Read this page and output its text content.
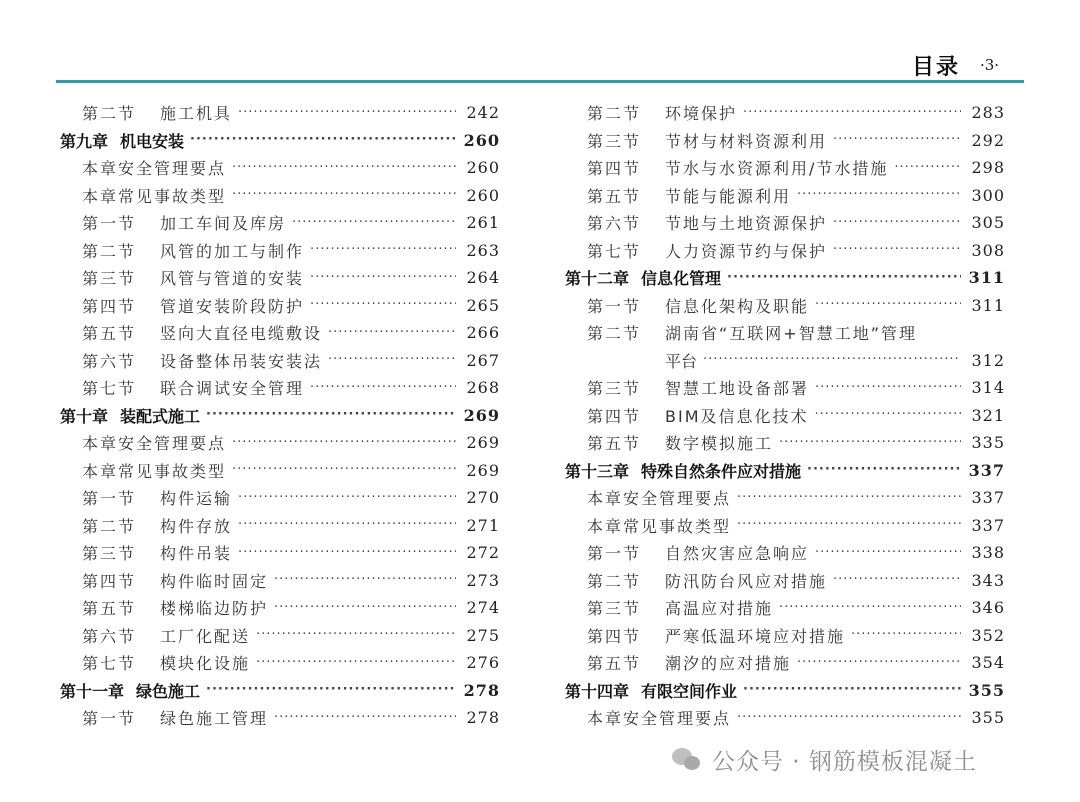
目录 ·3·
第二节	施工机具 ·····	242
第九章 机电安装 ·····	260
本章安全管理要点 ·····	260
本章常见事故类型 ·····	260
第一节	加工车间及库房 ·····	261
第二节	风管的加工与制作 ·····	263
第三节	风管与管道的安装 ·····	264
第四节	管道安装阶段防护 ·····	265
第五节	竖向大直径电缆敷设 ·····	266
第六节	设备整体吊装安装法 ·····	267
第七节	联合调试安全管理 ·····	268
第十章 装配式施工 ·····	269
本章安全管理要点 ·····	269
本章常见事故类型 ·····	269
第一节	构件运输 ·····	270
第二节	构件存放 ·····	271
第三节	构件吊装 ·····	272
第四节	构件临时固定 ·····	273
第五节	楼梯临边防护 ·····	274
第六节	工厂化配送 ·····	275
第七节	模块化设施 ·····	276
第十一章 绿色施工 ·····	278
第一节	绿色施工管理 ·····	278
第二节	环境保护 ·····	283
第三节	节材与材料资源利用 ·····	292
第四节	节水与水资源利用/节水措施 ·····	298
第五节	节能与能源利用 ·····	300
第六节	节地与土地资源保护 ·····	305
第七节	人力资源节约与保护 ·····	308
第十二章 信息化管理 ·····	311
第一节	信息化架构及职能 ·····	311
第二节	湖南省“互联网+智慧工地”管理
平台 ·····	312
第三节	智慧工地设备部署 ·····	314
第四节	BIM及信息化技术 ·····	321
第五节	数字模拟施工 ·····	335
第十三章 特殊自然条件应对措施 ·····	337
本章安全管理要点 ·····	337
本章常见事故类型 ·····	337
第一节	自然灾害应急响应 ·····	338
第二节	防汛防台风应对措施 ·····	343
第三节	高温应对措施 ·····	346
第四节	严寒低温环境应对措施 ·····	352
第五节	潮汐的应对措施 ·····	354
第十四章 有限空间作业 ·····	355
本章安全管理要点 ·····	355
公众号 · 钢筋模板混凝土
